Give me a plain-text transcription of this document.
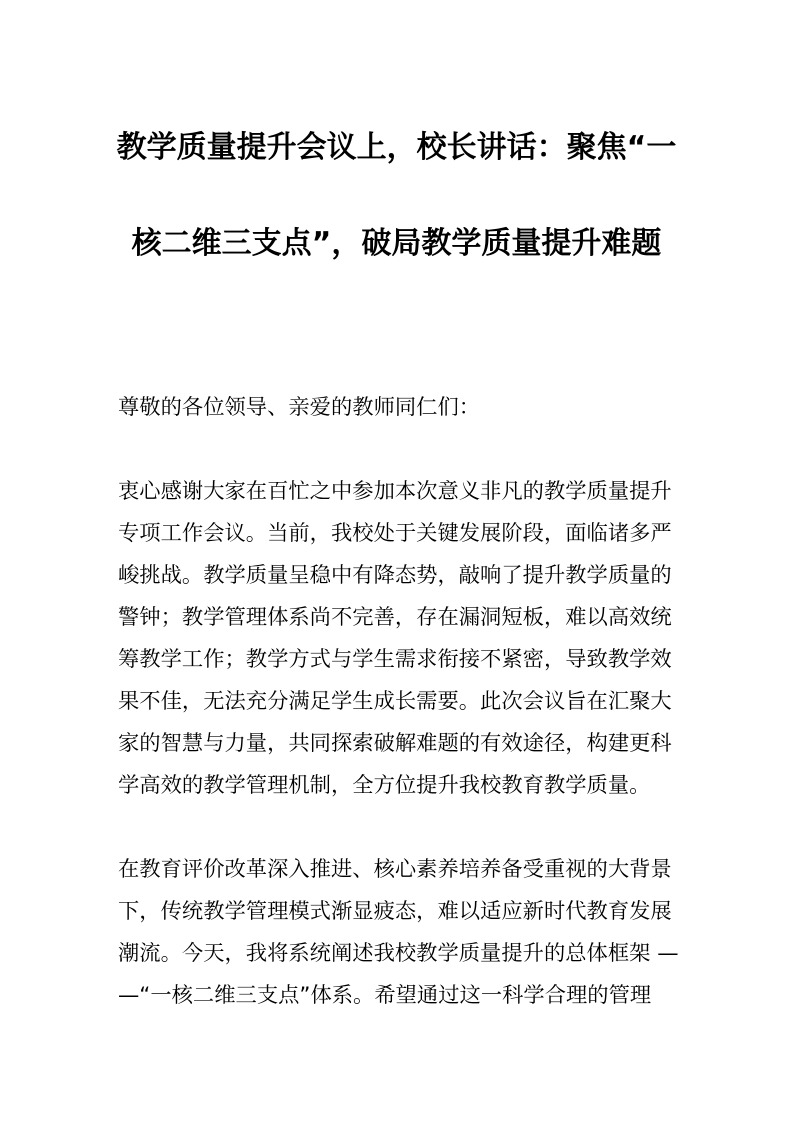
教学质量提升会议上，校长讲话：聚焦“一
核二维三支点”，破局教学质量提升难题

尊敬的各位领导、亲爱的教师同仁们：

衷心感谢大家在百忙之中参加本次意义非凡的教学质量提升
专项工作会议。当前，我校处于关键发展阶段，面临诸多严
峻挑战。教学质量呈稳中有降态势，敲响了提升教学质量的
警钟；教学管理体系尚不完善，存在漏洞短板，难以高效统
筹教学工作；教学方式与学生需求衔接不紧密，导致教学效
果不佳，无法充分满足学生成长需要。此次会议旨在汇聚大
家的智慧与力量，共同探索破解难题的有效途径，构建更科
学高效的教学管理机制，全方位提升我校教育教学质量。

在教育评价改革深入推进、核心素养培养备受重视的大背景
下，传统教学管理模式渐显疲态，难以适应新时代教育发展
潮流。今天，我将系统阐述我校教学质量提升的总体框架 —
—“一核二维三支点”体系。希望通过这一科学合理的管理
